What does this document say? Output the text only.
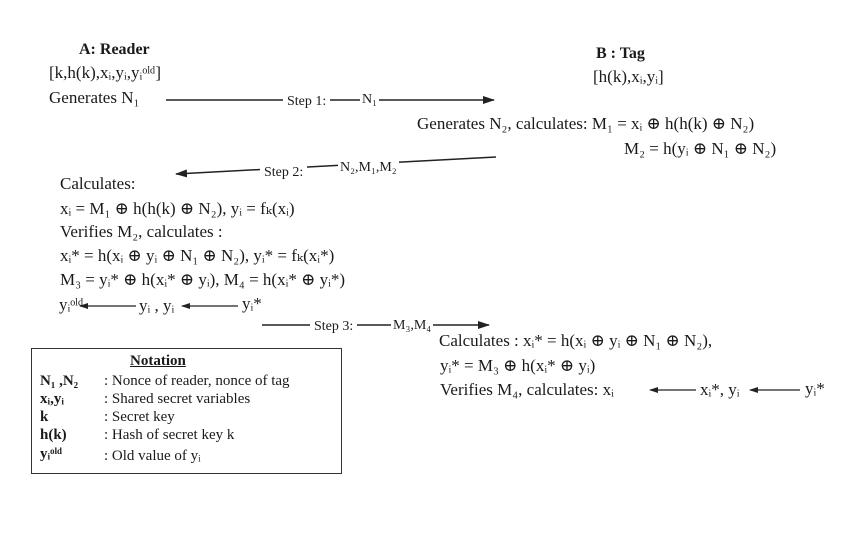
A: Reader
[k,h(k),xᵢ,yᵢ,yᵢᵒˡᵈ]
Generates N₁
B : Tag
[h(k),xᵢ,yᵢ]
Generates N₂, calculates: M₁ = xᵢ ⊕ h(h(k) ⊕ N₂)
M₂ = h(yᵢ ⊕ N₁ ⊕ N₂)
Step 1:	N₁
Step 2:	N₂,M₁,M₂
Step 3:	M₃,M₄
Calculates:
xᵢ = M₁ ⊕ h(h(k) ⊕ N₂), yᵢ = fₖ(xᵢ)
Verifies M₂, calculates :
xᵢ* = h(xᵢ ⊕ yᵢ ⊕ N₁ ⊕ N₂), yᵢ* = fₖ(xᵢ*)
M₃ = yᵢ* ⊕ h(xᵢ* ⊕ yᵢ), M₄ = h(xᵢ* ⊕ yᵢ*)
yᵢᵒˡᵈ	yᵢ , yᵢ	yᵢ*
Calculates : xᵢ* = h(xᵢ ⊕ yᵢ ⊕ N₁ ⊕ N₂),
yᵢ* = M₃ ⊕ h(xᵢ* ⊕ yᵢ)
Verifies M₄, calculates: xᵢ	xᵢ*, yᵢ	yᵢ*
Notation
N₁ ,N₂ : Nonce of reader, nonce of tag
xᵢ,yᵢ	: Shared secret variables
k	: Secret key
h(k) : Hash of secret key k
yᵢᵒˡᵈ	: Old value of yᵢ
